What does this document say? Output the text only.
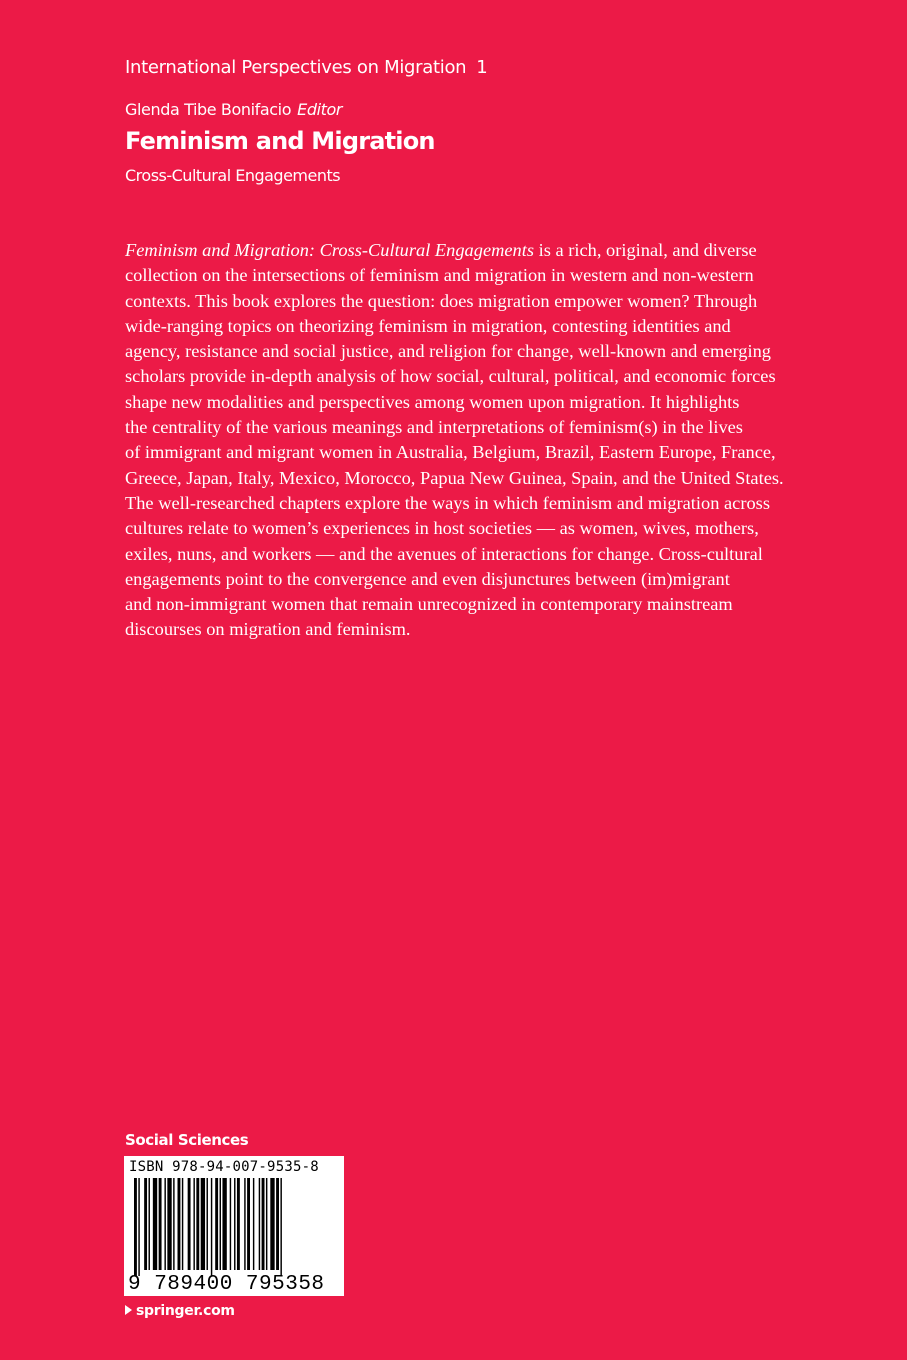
International Perspectives on Migration 1
Glenda Tibe Bonifacio Editor
Feminism and Migration
Cross-Cultural Engagements

Feminism and Migration: Cross-Cultural Engagements is a rich, original, and diverse
collection on the intersections of feminism and migration in western and non-western
contexts. This book explores the question: does migration empower women? Through
wide-ranging topics on theorizing feminism in migration, contesting identities and
agency, resistance and social justice, and religion for change, well-known and emerging
scholars provide in-depth analysis of how social, cultural, political, and economic forces
shape new modalities and perspectives among women upon migration. It highlights
the centrality of the various meanings and interpretations of feminism(s) in the lives
of immigrant and migrant women in Australia, Belgium, Brazil, Eastern Europe, France,
Greece, Japan, Italy, Mexico, Morocco, Papua New Guinea, Spain, and the United States.
The well-researched chapters explore the ways in which feminism and migration across
cultures relate to women’s experiences in host societies — as women, wives, mothers,
exiles, nuns, and workers — and the avenues of interactions for change. Cross-cultural
engagements point to the convergence and even disjunctures between (im)migrant
and non-immigrant women that remain unrecognized in contemporary mainstream
discourses on migration and feminism.

Social Sciences
ISBN 978-94-007-9535-8
9 789400 795358
springer.com
